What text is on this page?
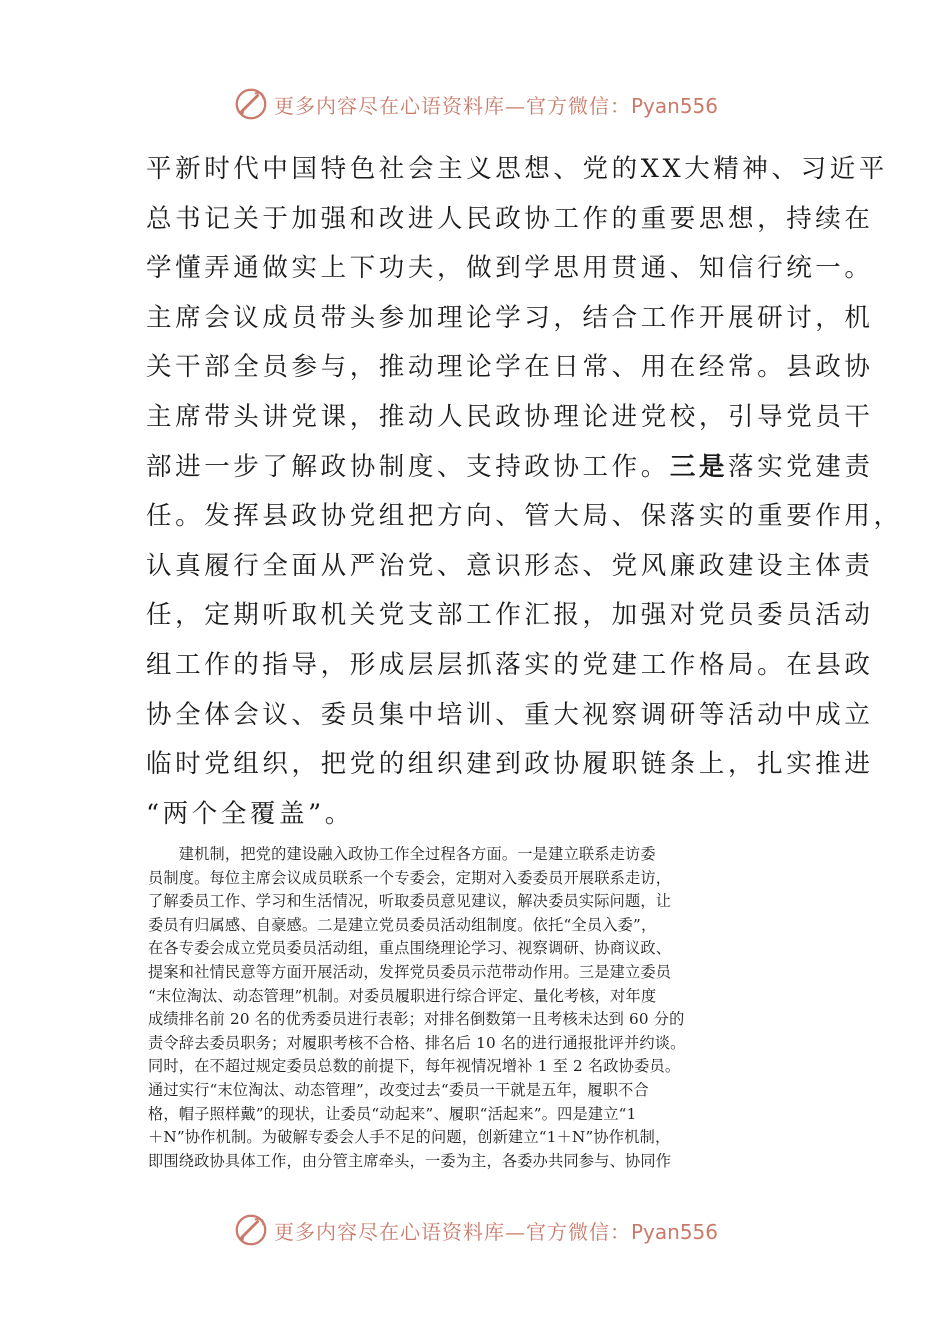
更多内容尽在心语资料库—官方微信：Pyan556
平新时代中国特色社会主义思想、党的XX大精神、习近平
总书记关于加强和改进人民政协工作的重要思想，持续在
学懂弄通做实上下功夫，做到学思用贯通、知信行统一。
主席会议成员带头参加理论学习，结合工作开展研讨，机
关干部全员参与，推动理论学在日常、用在经常。县政协
主席带头讲党课，推动人民政协理论进党校，引导党员干
部进一步了解政协制度、支持政协工作。三是落实党建责
任。发挥县政协党组把方向、管大局、保落实的重要作用，
认真履行全面从严治党、意识形态、党风廉政建设主体责
任，定期听取机关党支部工作汇报，加强对党员委员活动
组工作的指导，形成层层抓落实的党建工作格局。在县政
协全体会议、委员集中培训、重大视察调研等活动中成立
临时党组织，把党的组织建到政协履职链条上，扎实推进
“两个全覆盖”。
　　建机制，把党的建设融入政协工作全过程各方面。一是建立联系走访委
员制度。每位主席会议成员联系一个专委会，定期对入委委员开展联系走访，
了解委员工作、学习和生活情况，听取委员意见建议，解决委员实际问题，让
委员有归属感、自豪感。二是建立党员委员活动组制度。依托“全员入委”，
在各专委会成立党员委员活动组，重点围绕理论学习、视察调研、协商议政、
提案和社情民意等方面开展活动，发挥党员委员示范带动作用。三是建立委员
“末位淘汰、动态管理”机制。对委员履职进行综合评定、量化考核，对年度
成绩排名前 20 名的优秀委员进行表彰；对排名倒数第一且考核未达到 60 分的
责令辞去委员职务；对履职考核不合格、排名后 10 名的进行通报批评并约谈。
同时，在不超过规定委员总数的前提下，每年视情况增补 1 至 2 名政协委员。
通过实行“末位淘汰、动态管理”，改变过去“委员一干就是五年，履职不合
格，帽子照样戴”的现状，让委员“动起来”、履职“活起来”。四是建立“1
＋N”协作机制。为破解专委会人手不足的问题，创新建立“1＋N”协作机制，
即围绕政协具体工作，由分管主席牵头，一委为主，各委办共同参与、协同作
更多内容尽在心语资料库—官方微信：Pyan556
